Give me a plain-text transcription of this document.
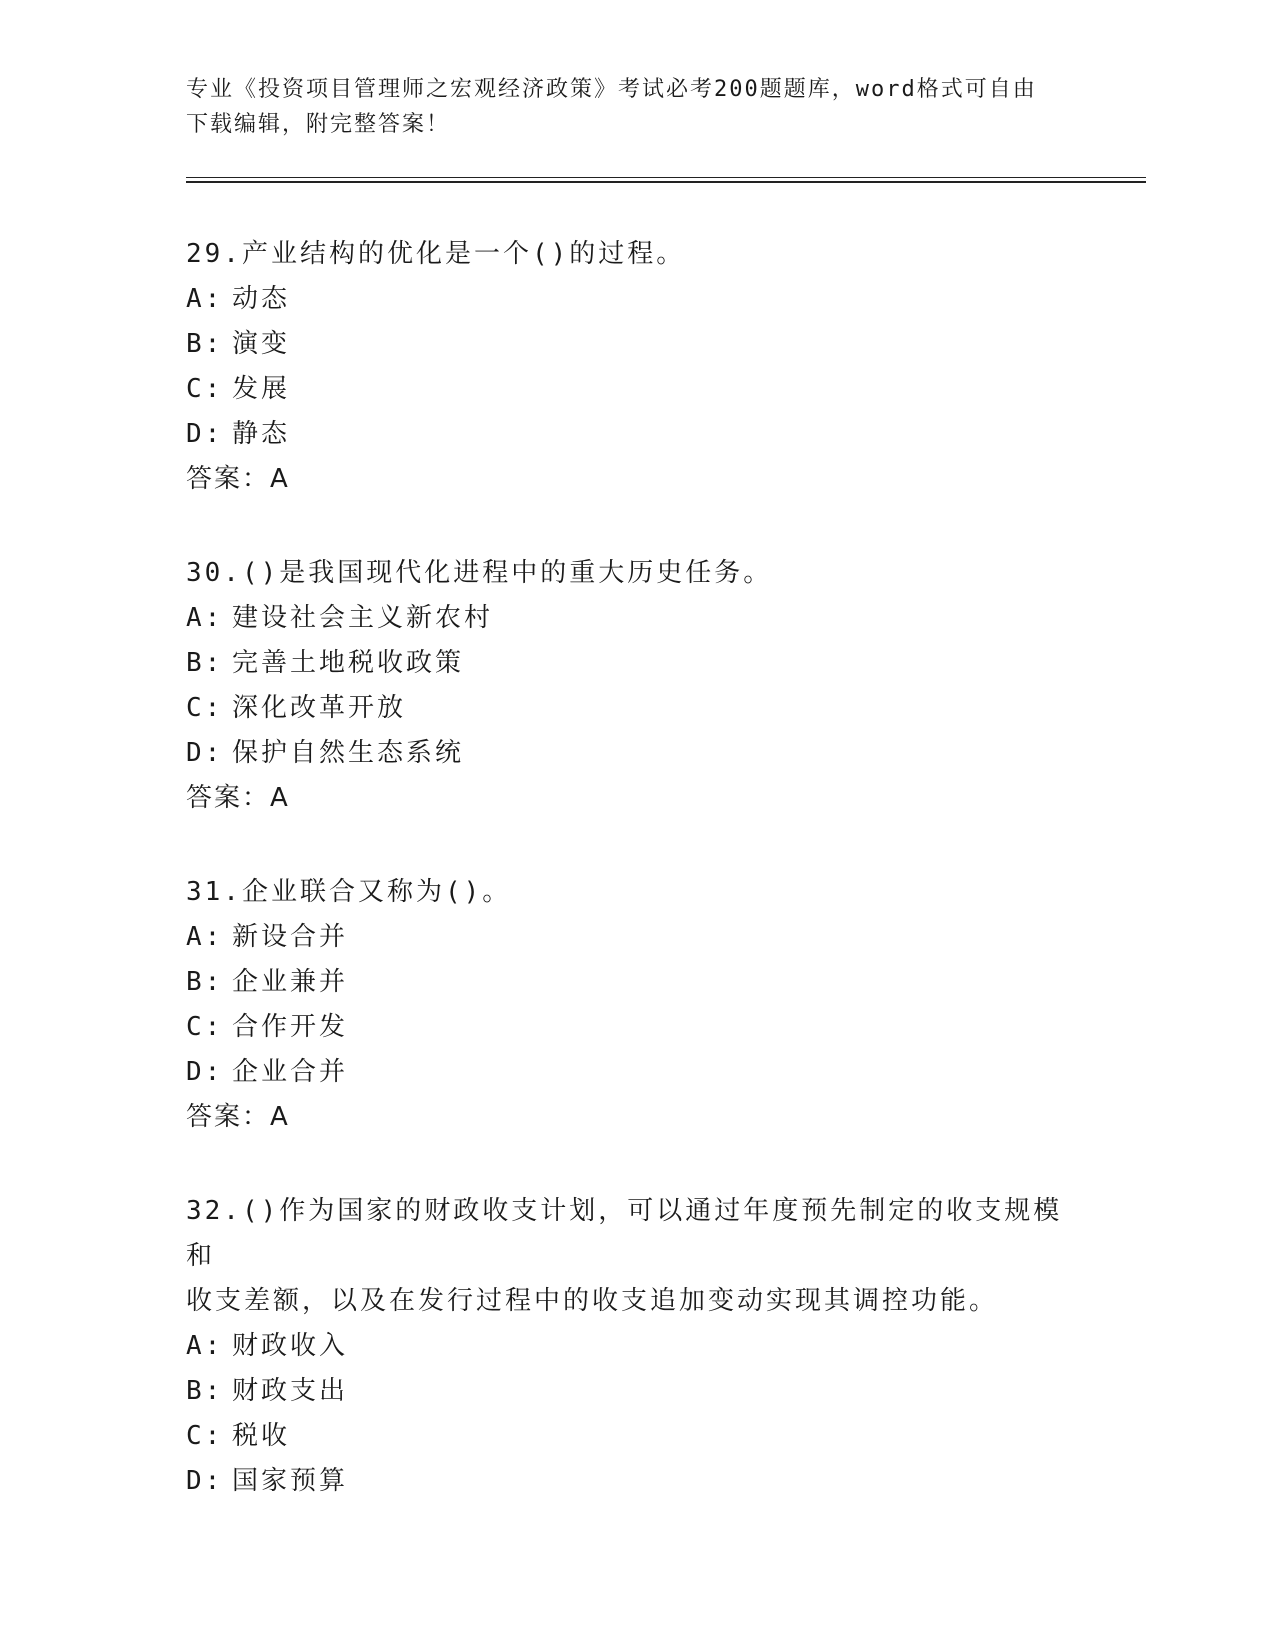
专业《投资项目管理师之宏观经济政策》考试必考200题题库，word格式可自由
下载编辑，附完整答案！
29.产业结构的优化是一个()的过程。
A: 动态
B: 演变
C: 发展
D: 静态
答案：A
30.()是我国现代化进程中的重大历史任务。
A: 建设社会主义新农村
B: 完善土地税收政策
C: 深化改革开放
D: 保护自然生态系统
答案：A
31.企业联合又称为()。
A: 新设合并
B: 企业兼并
C: 合作开发
D: 企业合并
答案：A
32.()作为国家的财政收支计划，可以通过年度预先制定的收支规模和
收支差额，以及在发行过程中的收支追加变动实现其调控功能。
A: 财政收入
B: 财政支出
C: 税收
D: 国家预算
